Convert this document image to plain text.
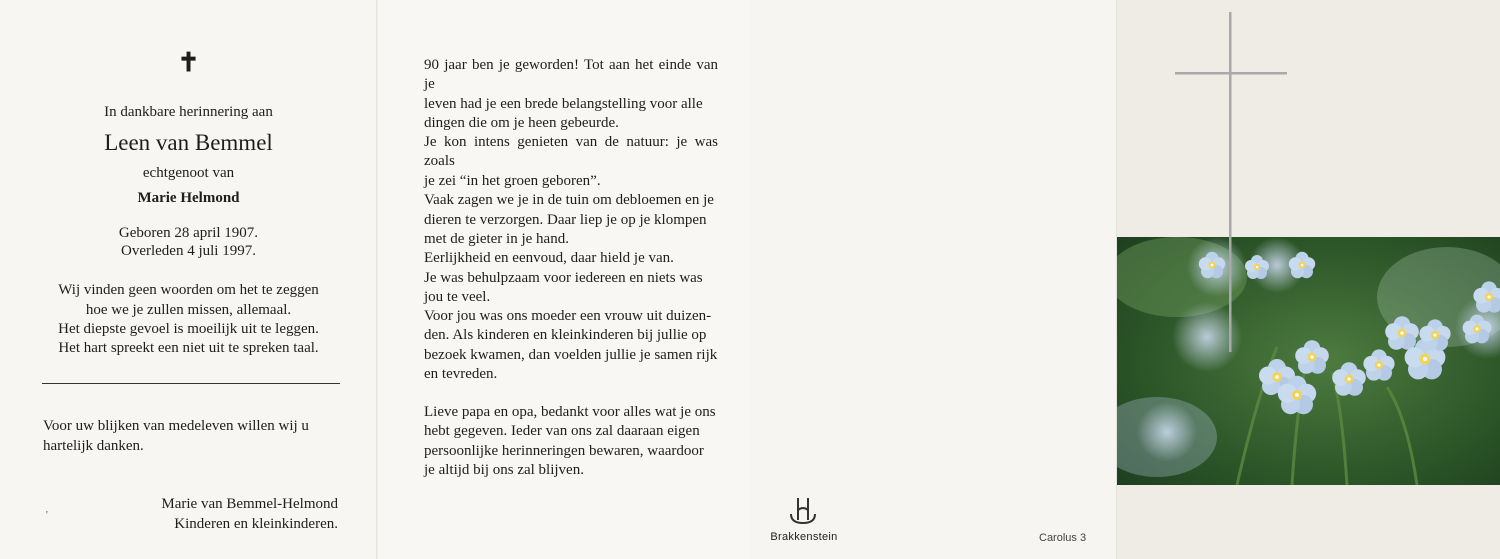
✝
In dankbare herinnering aan
Leen van Bemmel
echtgenoot van
Marie Helmond
Geboren 28 april 1907.
Overleden 4 juli 1997.
Wij vinden geen woorden om het te zeggen
hoe we je zullen missen, allemaal.
Het diepste gevoel is moeilijk uit te leggen.
Het hart spreekt een niet uit te spreken taal.
Voor uw blijken van medeleven willen wij u
hartelijk danken.
'
Marie van Bemmel-Helmond
Kinderen en kleinkinderen.

90 jaar ben je geworden! Tot aan het einde van je
leven had je een brede belangstelling voor alle
dingen die om je heen gebeurde.

Je kon intens genieten van de natuur: je was zoals
je zei “in het groen geboren”.
Vaak zagen we je in de tuin om debloemen en je
dieren te verzorgen. Daar liep je op je klompen
met de gieter in je hand.
Eerlijkheid en eenvoud, daar hield je van.
Je was behulpzaam voor iedereen en niets was
jou te veel.

Voor jou was ons moeder een vrouw uit duizen-
den. Als kinderen en kleinkinderen bij jullie op
bezoek kwamen, dan voelden jullie je samen rijk
en tevreden.

Lieve papa en opa, bedankt voor alles wat je ons
hebt gegeven. Ieder van ons zal daaraan eigen
persoonlijke herinneringen bewaren, waardoor
je altijd bij ons zal blijven.

Brakkenstein	Carolus 3
